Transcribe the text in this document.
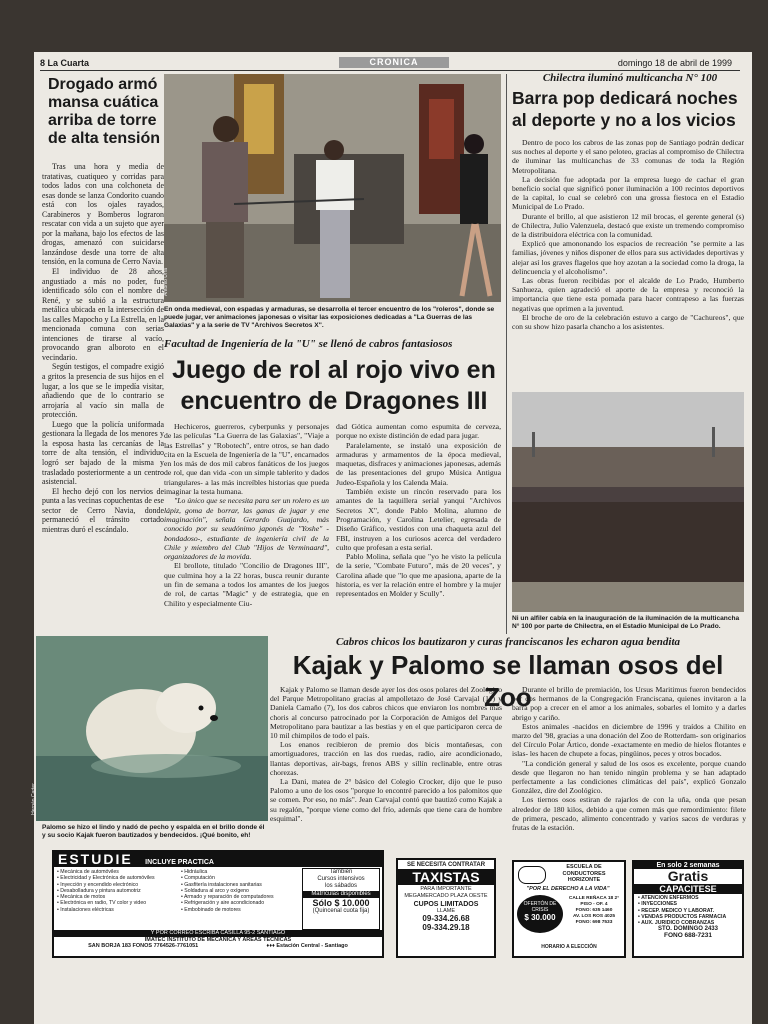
8 La Cuarta	CRONICA	domingo 18 de abril de 1999
Drogado armó mansa cuática arriba de torre de alta tensión

Tras una hora y media de tratativas, cuatiqueo y corridas para todos lados con una colchoneta de esas donde se lanza Condorito cuando está con los ojales rayados, Carabineros y Bomberos lograron rescatar con vida a un sujeto que ayer por la mañana, bajo los efectos de las drogas, amenazó con suicidarse lanzándose desde una torre de alta tensión, en la comuna de Cerro Navia.

El individuo de 28 años, angustiado a más no poder, fue identificado sólo con el nombre de René, y se subió a la estructura metálica ubicada en la intersección de las calles Mapocho y La Estrella, en la mencionada comuna con serias intenciones de tirarse al vacío, provocando gran alboroto en el vecindario.

Según testigos, el compadre exigió a gritos la presencia de sus hijos en el lugar, a los que se le impedía visitar, añadiendo que de lo contrario se arrojaría al vacío sin malla de protección.

Luego que la policía uniformada gestionara la llegada de los menores y la esposa hasta las cercanías de la torre de alta tensión, el individuo logró ser bajado de la misma y trasladado posteriormente a un centro asistencial.

El hecho dejó con los nervios de punta a las vecinas copuchentas de ese sector de Cerro Navia, donde permaneció el tránsito cortado mientras duró el escándalo.

Antonio Urra
En onda medieval, con espadas y armaduras, se desarrolla el tercer encuentro de los "roleros", donde se puede jugar, ver animaciones japonesas o visitar las exposiciones dedicadas a "La Guerras de las Galaxias" y a la serie de TV "Archivos Secretos X".
Facultad de Ingeniería de la "U" se llenó de cabros fantasiosos
Juego de rol al rojo vivo en encuentro de Dragones III

Hechiceros, guerreros, cyberpunks y personajes de las películas "La Guerra de las Galaxias", "Viaje a las Estrellas" y "Robotech", entre otros, se han dado cita en la Escuela de Ingeniería de la "U", encarnados en los más de dos mil cabros fanáticos de los juegos de rol, que dan vida -con un simple tablerito y dados triangulares- a las más increíbles historias que pueda imaginar la testa humana.

"Lo único que se necesita para ser un rolero es un lápiz, goma de borrar, las ganas de jugar y ene imaginación", señala Gerardo Guajardo, más conocido por su seudónimo japonés de "Yoshe" -bondadoso-, estudiante de ingeniería civil de la Chile y miembro del Club "Hijos de Verminaard", organizadores de la movida.

El brollote, titulado "Concilio de Dragones III", que culmina hoy a la 22 horas, busca reunir durante un fin de semana a todos los amantes de los juegos de rol, de cartas "Magic" y de estrategia, que en Chilito y especialmente Ciu-

dad Gótica aumentan como espumita de cerveza, porque no existe distinción de edad para jugar.

Paralelamente, se instaló una exposición de armaduras y armamentos de la época medieval, maquetas, disfraces y animaciones japonesas, además de las presentaciones del grupo Música Antigua Judeo-Española y los Calenda Maia.

También existe un rincón reservado para los amantes de la taquillera serial yanqui "Archivos Secretos X", donde Pablo Molina, alumno de Programación, y Carolina Letelier, egresada de Diseño Gráfico, vestidos con una chaqueta azul del FBI, instruyen a los curiosos acerca del verdadero culto que profesan a esta serial.

Pablo Molina, señala que "yo he visto la película de la serie, "Combate Futuro", más de 20 veces", y Carolina añade que "lo que me apasiona, aparte de la historia, es ver la relación entre el hombre y la mujer representados en Molder y Scully".

Chilectra iluminó multicancha N° 100
Barra pop dedicará noches al deporte y no a los vicios

Dentro de poco los cabros de las zonas pop de Santiago podrán dedicar sus noches al deporte y el sano peloteo, gracias al compromiso de Chilectra de iluminar las multicanchas de 33 comunas de toda la Región Metropolitana.

La decisión fue adoptada por la empresa luego de cachar el gran beneficio social que significó poner iluminación a 100 recintos deportivos de la capital, lo cual se celebró con una grossa fiestoca en el Estadio Municipal de Lo Prado.

Durante el brillo, al que asistieron 12 mil brocas, el gerente general (s) de Chilectra, Julio Valenzuela, destacó que existe un tremendo compromiso de la distribuidora eléctrica con la comunidad.

Explicó que amononando los espacios de recreación "se permite a las familias, jóvenes y niños disponer de ellos para sus actividades deportivas y alejar así los graves flagelos que hoy azotan a la sociedad como la droga, la delincuencia y el alcoholismo".

Las obras fueron recibidas por el alcalde de Lo Prado, Humberto Sanhueza, quien agradeció el aporte de la empresa y reconoció la importancia que tiene esta pomada para hacer contrapeso a las fuerzas negativas que oprimen a la juventud.

El broche de oro de la celebración estuvo a cargo de "Cachureos", que con su show hizo pasarla chancho a los asistentes.

Ni un alfiler cabía en la inauguración de la iluminación de la multicancha N° 100 por parte de Chilectra, en el Estadio Municipal de Lo Prado.
Cabros chicos los bautizaron y curas franciscanos les echaron agua bendita
Kajak y Palomo se llaman osos del Zoo
Hernán Carter
Palomo se hizo el lindo y nadó de pecho y espalda en el brillo donde él y su socio Kajak fueron bautizados y bendecidos. ¡Qué bonito, eh!

Kajak y Palomo se llaman desde ayer los dos osos polares del Zoológico del Parque Metropolitano gracias al ampolletazo de José Carvajal (11) y Daniela Camaño (7), los dos cabros chicos que enviaron los nombres más choris al concurso patrocinado por la Corporación de Amigos del Parque Metropolitano para bautizar a las bestias y en el que participaron cerca de 10 mil chimpilos de todo el país.

Los enanos recibieron de premio dos bicis montañesas, con amortiguadores, tracción en las dos ruedas, radio, aire acondicionado, llantas deportivas, air-bags, frenos ABS y sillín reclinable, entre otras chorezas.

La Dani, matea de 2° básico del Colegio Crocker, dijo que le puso Palomo a uno de los osos "porque lo encontré parecido a los palomitos que se comen. Por eso, no más". Jean Carvajal contó que bautizó como Kajak a su regalón, "porque viene como del frío, además que tiene cara de hombre esquimal".

Durante el brillo de premiación, los Ursus Maritimus fueron bendecidos por dos hermanos de la Congregación Franciscana, quienes invitaron a la barra pop a crecer en el amor a los animales, sobarles el lomito y a darles abrigo y cariño.

Estos animales -nacidos en diciembre de 1996 y traídos a Chilito en marzo del '98, gracias a una donación del Zoo de Rotterdam- son originarios del Círculo Polar Ártico, donde -exactamente en medio de hielos flotantes e islas- les hacen de chupete a focas, pingüinos, peces y otros bocados.

"La condición general y salud de los osos es excelente, porque cuando desde que llegaron no han tenido ningún problema y se han adaptado perfectamente a las condiciones climáticas del país", explicó Gonzalo González, dire del Zoológico.

Los tiernos osos estiran de rajarlos de con la uña, onda que pesan alrededor de 180 kilos, debido a que comen más que remordimiento: filete de primera, pescado, alimento concentrado y varios sacos de verduras y frutas de la estación.

ESTUDIE INCLUYE PRACTICA
• Mecánica de automóviles
• Electricidad y Electrónica de automóviles
• Inyección y encendido electrónico
• Desabolladura y pintura automotriz
• Mecánica de motos
• Electrónica en radio, TV color y video
• Instalaciones eléctricas
• Hidráulica
• Computación
• Gasfitería instalaciones sanitarias
• Soldadura al arco y oxígeno
• Armado y reparación de computadores
• Refrigeración y aire acondicionado
• Embobinado de motores
También
Cursos intensivos
los sábados
Matrículas disponibles
Sólo $ 10.000
(Quincenal cuota fija)
Y POR CORREO ESCRIBA CASILLA 95-2 SANTIAGO
IMATEC INSTITUTO DE MECANICA Y AREAS TECNICAS
SAN BORJA 183 FONOS 7764526-7761051	♦♦♦ Estación Central - Santiago
SE NECESITA CONTRATAR
TAXISTAS
PARA IMPORTANTE MEGAMERCADO PLAZA OESTE
CUPOS LIMITADOS
LLAME
09-334.26.68
09-334.29.18
ESCUELA DE CONDUCTORES HORIZONTE
"POR EL DERECHO A LA VIDA"
OFERTÓN DE CRISIS
$ 30.000
CALLE REÑACA 18 2° PISO - OF. 4
FONO: 635 1460
AV. LOS ROS 4025
FONO: 698 7533
HORARIO A ELECCIÓN
En solo 2 semanas
Gratis
CAPACITESE
• ATENCION ENFERMOS
• INYECCIONES
• RECEP. MEDICO Y LABORAT.
• VENDAS PRODUCTOS FARMACIA
• AUX. JURIDICO COBRANZAS
STO. DOMINGO 2433
FONO 688-7231
